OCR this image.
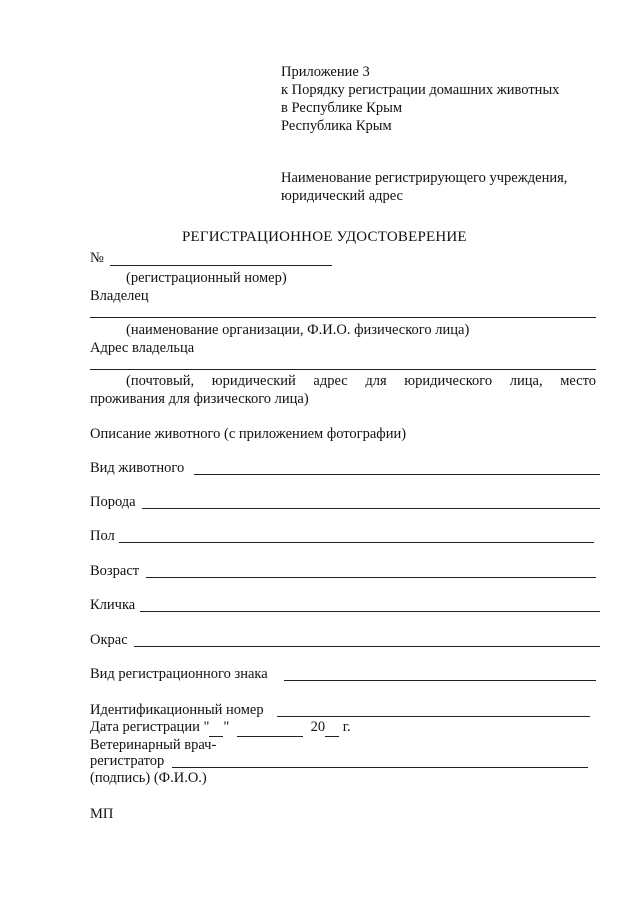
Приложение 3
к Порядку регистрации домашних животных
в Республике Крым
Республика Крым
Наименование регистрирующего учреждения,
юридический адрес
РЕГИСТРАЦИОННОЕ УДОСТОВЕРЕНИЕ
№
(регистрационный номер)
Владелец
(наименование организации, Ф.И.О. физического лица)
Адрес владельца
(почтовый, юридический адрес для юридического лица, место
проживания для физического лица)
Описание животного (с приложением фотографии)
Вид животного
Порода
Пол
Возраст
Кличка
Окрас
Вид регистрационного знака
Идентификационный номер
Дата регистрации " "	20 г.
Ветеринарный врач-
регистратор
(подпись) (Ф.И.О.)
МП
